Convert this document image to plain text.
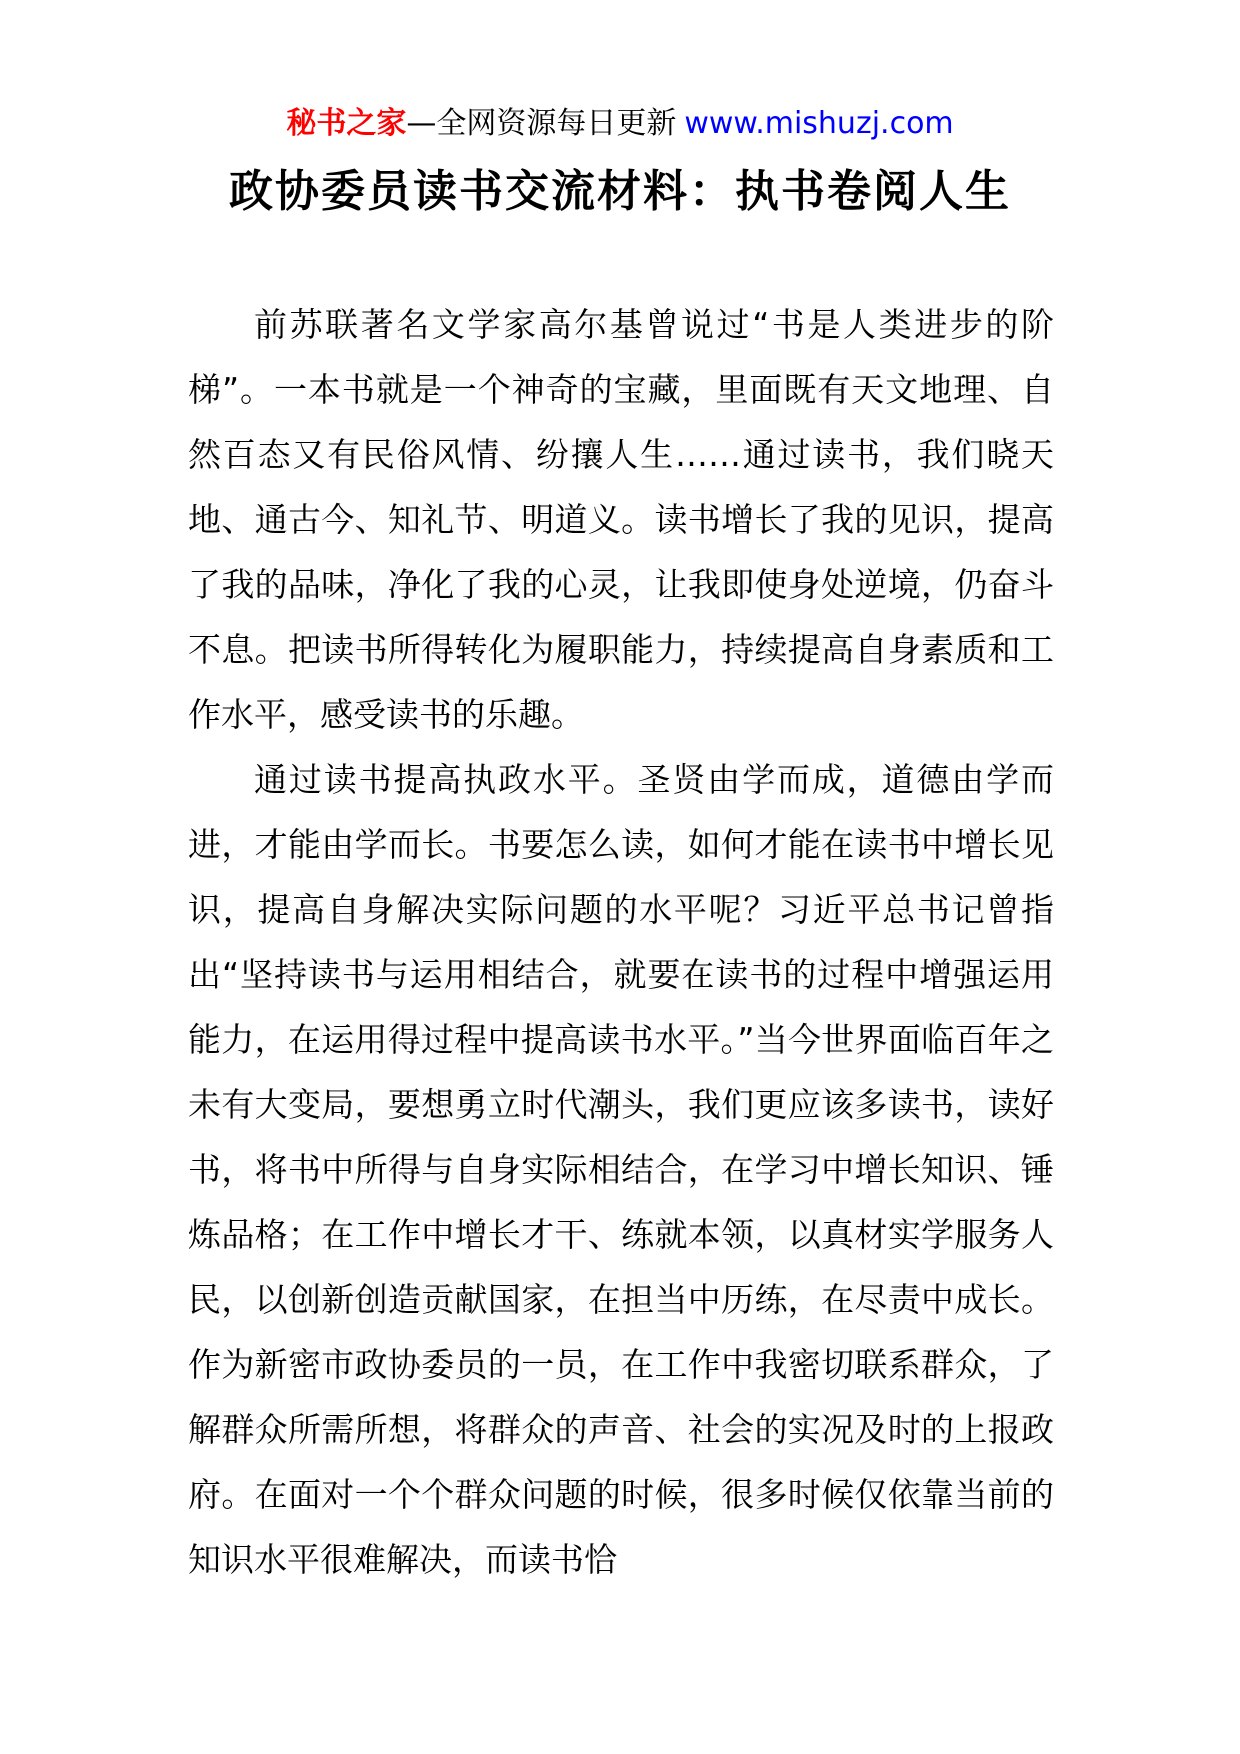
秘书之家—全网资源每日更新 www.mishuzj.com
政协委员读书交流材料：执书卷阅人生

前苏联著名文学家高尔基曾说过“书是人类进步的阶梯”。一本书就是一个神奇的宝藏，里面既有天文地理、自然百态又有民俗风情、纷攘人生……通过读书，我们晓天地、通古今、知礼节、明道义。读书增长了我的见识，提高了我的品味，净化了我的心灵，让我即使身处逆境，仍奋斗不息。把读书所得转化为履职能力，持续提高自身素质和工作水平，感受读书的乐趣。

通过读书提高执政水平。圣贤由学而成，道德由学而进，才能由学而长。书要怎么读，如何才能在读书中增长见识，提高自身解决实际问题的水平呢？习近平总书记曾指出“坚持读书与运用相结合，就要在读书的过程中增强运用能力，在运用得过程中提高读书水平。”当今世界面临百年之未有大变局，要想勇立时代潮头，我们更应该多读书，读好书，将书中所得与自身实际相结合，在学习中增长知识、锤炼品格；在工作中增长才干、练就本领，以真材实学服务人民，以创新创造贡献国家，在担当中历练，在尽责中成长。作为新密市政协委员的一员，在工作中我密切联系群众，了解群众所需所想，将群众的声音、社会的实况及时的上报政府。在面对一个个群众问题的时候，很多时候仅依靠当前的知识水平很难解决，而读书恰
